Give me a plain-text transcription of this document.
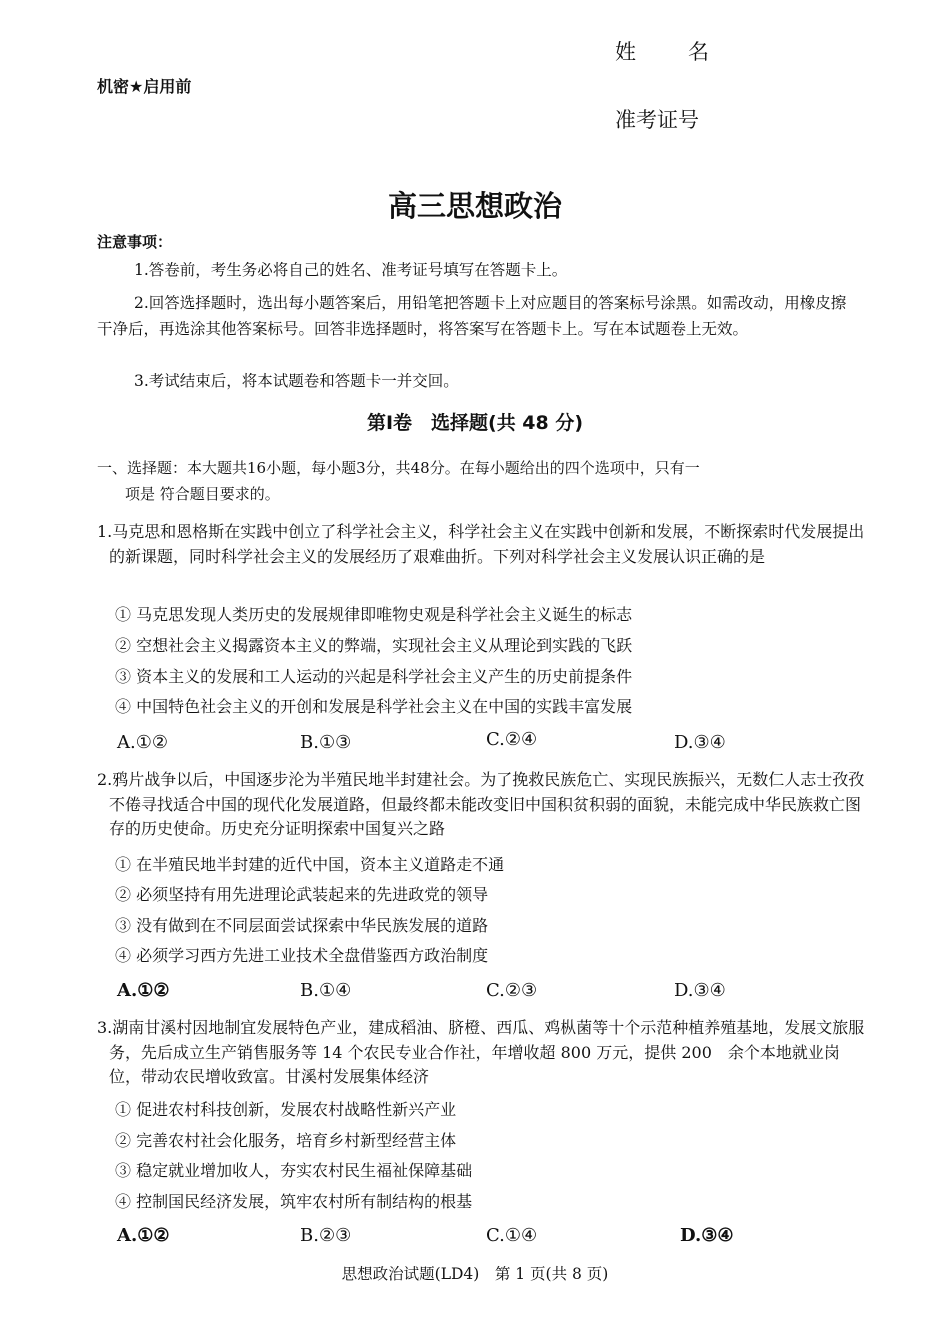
姓 名
准考证号
机密★启用前
高三思想政治
注意事项：

1.答卷前，考生务必将自己的姓名、准考证号填写在答题卡上。

2.回答选择题时，选出每小题答案后，用铅笔把答题卡上对应题目的答案标号涂黑。如需改动，用橡皮擦干净后，再选涂其他答案标号。回答非选择题时，将答案写在答题卡上。写在本试题卷上无效。

3.考试结束后，将本试题卷和答题卡一并交回。

第Ⅰ卷　选择题(共 48 分)
一、选择题：本大题共16小题，每小题3分，共48分。在每小题给出的四个选项中，只有一
项是 符合题目要求的。
1.马克思和恩格斯在实践中创立了科学社会主义，科学社会主义在实践中创新和发展，不断探索时代发展提出的新课题，同时科学社会主义的发展经历了艰难曲折。下列对科学社会主义发展认识正确的是
① 马克思发现人类历史的发展规律即唯物史观是科学社会主义诞生的标志
② 空想社会主义揭露资本主义的弊端，实现社会主义从理论到实践的飞跃
③ 资本主义的发展和工人运动的兴起是科学社会主义产生的历史前提条件
④ 中国特色社会主义的开创和发展是科学社会主义在中国的实践丰富发展
A.①②	B.①③	C.②④	D.③④
2.鸦片战争以后，中国逐步沦为半殖民地半封建社会。为了挽救民族危亡、实现民族振兴，无数仁人志士孜孜不倦寻找适合中国的现代化发展道路，但最终都未能改变旧中国积贫积弱的面貌，未能完成中华民族救亡图存的历史使命。历史充分证明探索中国复兴之路
① 在半殖民地半封建的近代中国，资本主义道路走不通
② 必须坚持有用先进理论武装起来的先进政党的领导
③ 没有做到在不同层面尝试探索中华民族发展的道路
④ 必须学习西方先进工业技术全盘借鉴西方政治制度
A.①②	B.①④	C.②③	D.③④
3.湖南甘溪村因地制宜发展特色产业，建成稻油、脐橙、西瓜、鸡枞菌等十个示范种植养殖基地，发展文旅服务，先后成立生产销售服务等 14 个农民专业合作社，年增收超 800 万元，提供 200　余个本地就业岗位，带动农民增收致富。甘溪村发展集体经济
① 促进农村科技创新，发展农村战略性新兴产业
② 完善农村社会化服务，培育乡村新型经营主体
③ 稳定就业增加收人，夯实农村民生福祉保障基础
④ 控制国民经济发展，筑牢农村所有制结构的根基
A.①②	B.②③	C.①④	D.③④
思想政治试题(LD4)　第 1 页(共 8 页)
